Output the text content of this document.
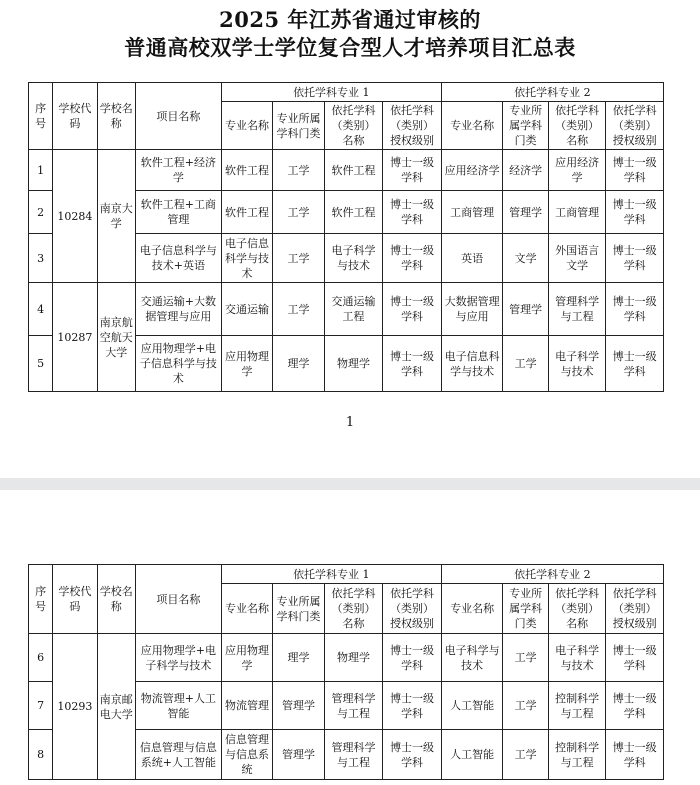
2025 年江苏省通过审核的
普通高校双学士学位复合型人才培养项目汇总表
序号	学校代码	学校名称	项目名称	依托学科专业 1				依托学科专业 2			
				专业名称	专业所属学科门类	依托学科（类别）名称	依托学科（类别）授权级别	专业名称	专业所属学科门类	依托学科（类别）名称	依托学科（类别）授权级别
1	10284	南京大学	软件工程+经济学	软件工程	工学	软件工程	博士一级学科	应用经济学	经济学	应用经济学	博士一级学科
2			软件工程+工商管理	软件工程	工学	软件工程	博士一级学科	工商管理	管理学	工商管理	博士一级学科
3			电子信息科学与技术+英语	电子信息科学与技术	工学	电子科学与技术	博士一级学科	英语	文学	外国语言文学	博士一级学科
4	10287	南京航空航天大学	交通运输+大数据管理与应用	交通运输	工学	交通运输工程	博士一级学科	大数据管理与应用	管理学	管理科学与工程	博士一级学科
5			应用物理学+电子信息科学与技术	应用物理学	理学	物理学	博士一级学科	电子信息科学与技术	工学	电子科学与技术	博士一级学科
1
序号	学校代码	学校名称	项目名称	依托学科专业 1				依托学科专业 2			
				专业名称	专业所属学科门类	依托学科（类别）名称	依托学科（类别）授权级别	专业名称	专业所属学科门类	依托学科（类别）名称	依托学科（类别）授权级别
6	10293	南京邮电大学	应用物理学+电子科学与技术	应用物理学	理学	物理学	博士一级学科	电子科学与技术	工学	电子科学与技术	博士一级学科
7			物流管理+人工智能	物流管理	管理学	管理科学与工程	博士一级学科	人工智能	工学	控制科学与工程	博士一级学科
8			信息管理与信息系统+人工智能	信息管理与信息系统	管理学	管理科学与工程	博士一级学科	人工智能	工学	控制科学与工程	博士一级学科
